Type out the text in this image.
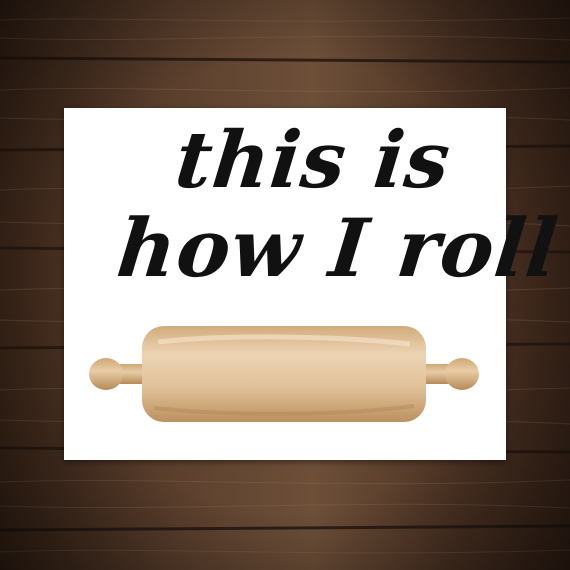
this is

how I roll
